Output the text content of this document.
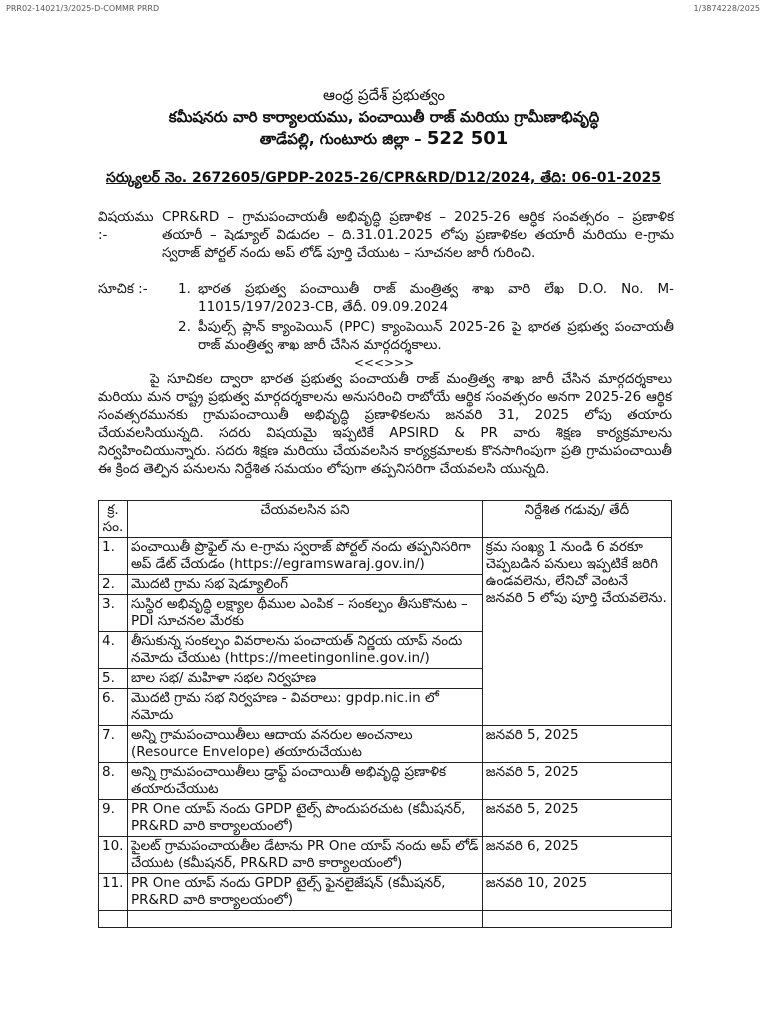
PRR02-14021/3/2025-D-COMMR PRRD	1/3874228/2025
ఆంధ్ర ప్రదేశ్ ప్రభుత్వం
కమీషనరు వారి కార్యాలయము, పంచాయితీ రాజ్ మరియు గ్రామీణాభివృద్ధి
తాడేపల్లి, గుంటూరు జిల్లా – 522 501
సర్క్యులర్ నెం. 2672605/GPDP-2025-26/CPR&RD/D12/2024, తేది: 06-01-2025
విషయము :-
CPR&RD – గ్రామపంచాయతీ అభివృద్ధి ప్రణాళిక – 2025-26 ఆర్ధిక సంవత్సరం – ప్రణాళిక తయారీ – షెడ్యూల్ విడుదల – ది.31.01.2025 లోపు ప్రణాళికల తయారీ మరియు e-గ్రామ స్వరాజ్ పోర్టల్ నందు అప్ లోడ్ పూర్తి చేయుట – సూచనల జారీ గురించి.
సూచిక :-	1. భారత ప్రభుత్వ పంచాయితీ రాజ్ మంత్రిత్వ శాఖ వారి లేఖ D.O. No. M-11015/197/2023-CB, తేదీ. 09.09.2024
2. పీపుల్స్ ప్లాన్ క్యాంపెయిన్ (PPC) క్యాంపెయిన్ 2025-26 పై భారత ప్రభుత్వ పంచాయతీ రాజ్ మంత్రిత్వ శాఖ జారీ చేసిన మార్గదర్శకాలు.
<<<>>>
పై సూచికల ద్వారా భారత ప్రభుత్వ పంచాయతీ రాజ్ మంత్రిత్వ శాఖ జారీ చేసిన మార్గదర్శకాలు మరియు మన రాష్ట్ర ప్రభుత్వ మార్గదర్శకాలను అనుసరించి రాబోయే ఆర్థిక సంవత్సరం అనగా 2025-26 ఆర్థిక సంవత్సరమునకు గ్రామపంచాయితీ అభివృద్ధి ప్రణాళికలను జనవరి 31, 2025 లోపు తయారు చేయవలసియున్నది. సదరు విషయమై ఇప్పటికే APSIRD & PR వారు శిక్షణ కార్యక్రమాలను నిర్వహించియున్నారు. సదరు శిక్షణ మరియు చేయవలసిన కార్యక్రమాలకు కొనసాగింపుగా ప్రతి గ్రామపంచాయితీ ఈ క్రింద తెల్పిన పనులను నిర్దేశిత సమయం లోపుగా తప్పనిసరిగా చేయవలసి యున్నది.
క్ర. సం.	చేయవలసిన పని	నిర్దేశిత గడువు/ తేదీ
1.	పంచాయితీ ప్రొఫైల్ ను e-గ్రామ స్వరాజ్ పోర్టల్ నందు తప్పనిసరిగా అప్ డేట్ చేయడం (https://egramswaraj.gov.in/)	క్రమ సంఖ్య 1 నుండి 6 వరకూ చెప్పబడిన పనులు ఇప్పటికే జరిగి ఉండవలెను, లేనిచో వెంటనే జనవరి 5 లోపు పూర్తి చేయవలెను.
2.	మొదటి గ్రామ సభ షెడ్యూలింగ్	
3.	సుస్థిర అభివృద్ధి లక్ష్యాల థీముల ఎంపిక – సంకల్పం తీసుకొనుట – PDI సూచనల మేరకు	
4.	తీసుకున్న సంకల్పం వివరాలను పంచాయత్ నిర్ణయ యాప్ నందు నమోదు చేయుట (https://meetingonline.gov.in/)	
5.	బాల సభ/ మహిళా సభల నిర్వహణ	
6.	మొదటి గ్రామ సభ నిర్వహణ - వివరాలు: gpdp.nic.in లో నమోదు	
7.	అన్ని గ్రామపంచాయితీలు ఆదాయ వనరుల అంచనాలు (Resource Envelope) తయారుచేయుట	జనవరి 5, 2025
8.	అన్ని గ్రామపంచాయితీలు డ్రాఫ్ట్ పంచాయితీ అభివృద్ధి ప్రణాళిక తయారుచేయుట	జనవరి 5, 2025
9.	PR One యాప్ నందు GPDP టైల్స్ పొందుపరచుట (కమీషనర్, PR&RD వారి కార్యాలయంలో)	జనవరి 5, 2025
10.	పైలట్ గ్రామపంచాయతీల డేటాను PR One యాప్ నందు అప్ లోడ్ చేయుట (కమీషనర్, PR&RD వారి కార్యాలయంలో)	జనవరి 6, 2025
11.	PR One యాప్ నందు GPDP టైల్స్ ఫైనలైజేషన్ (కమీషనర్, PR&RD వారి కార్యాలయంలో)	జనవరి 10, 2025
